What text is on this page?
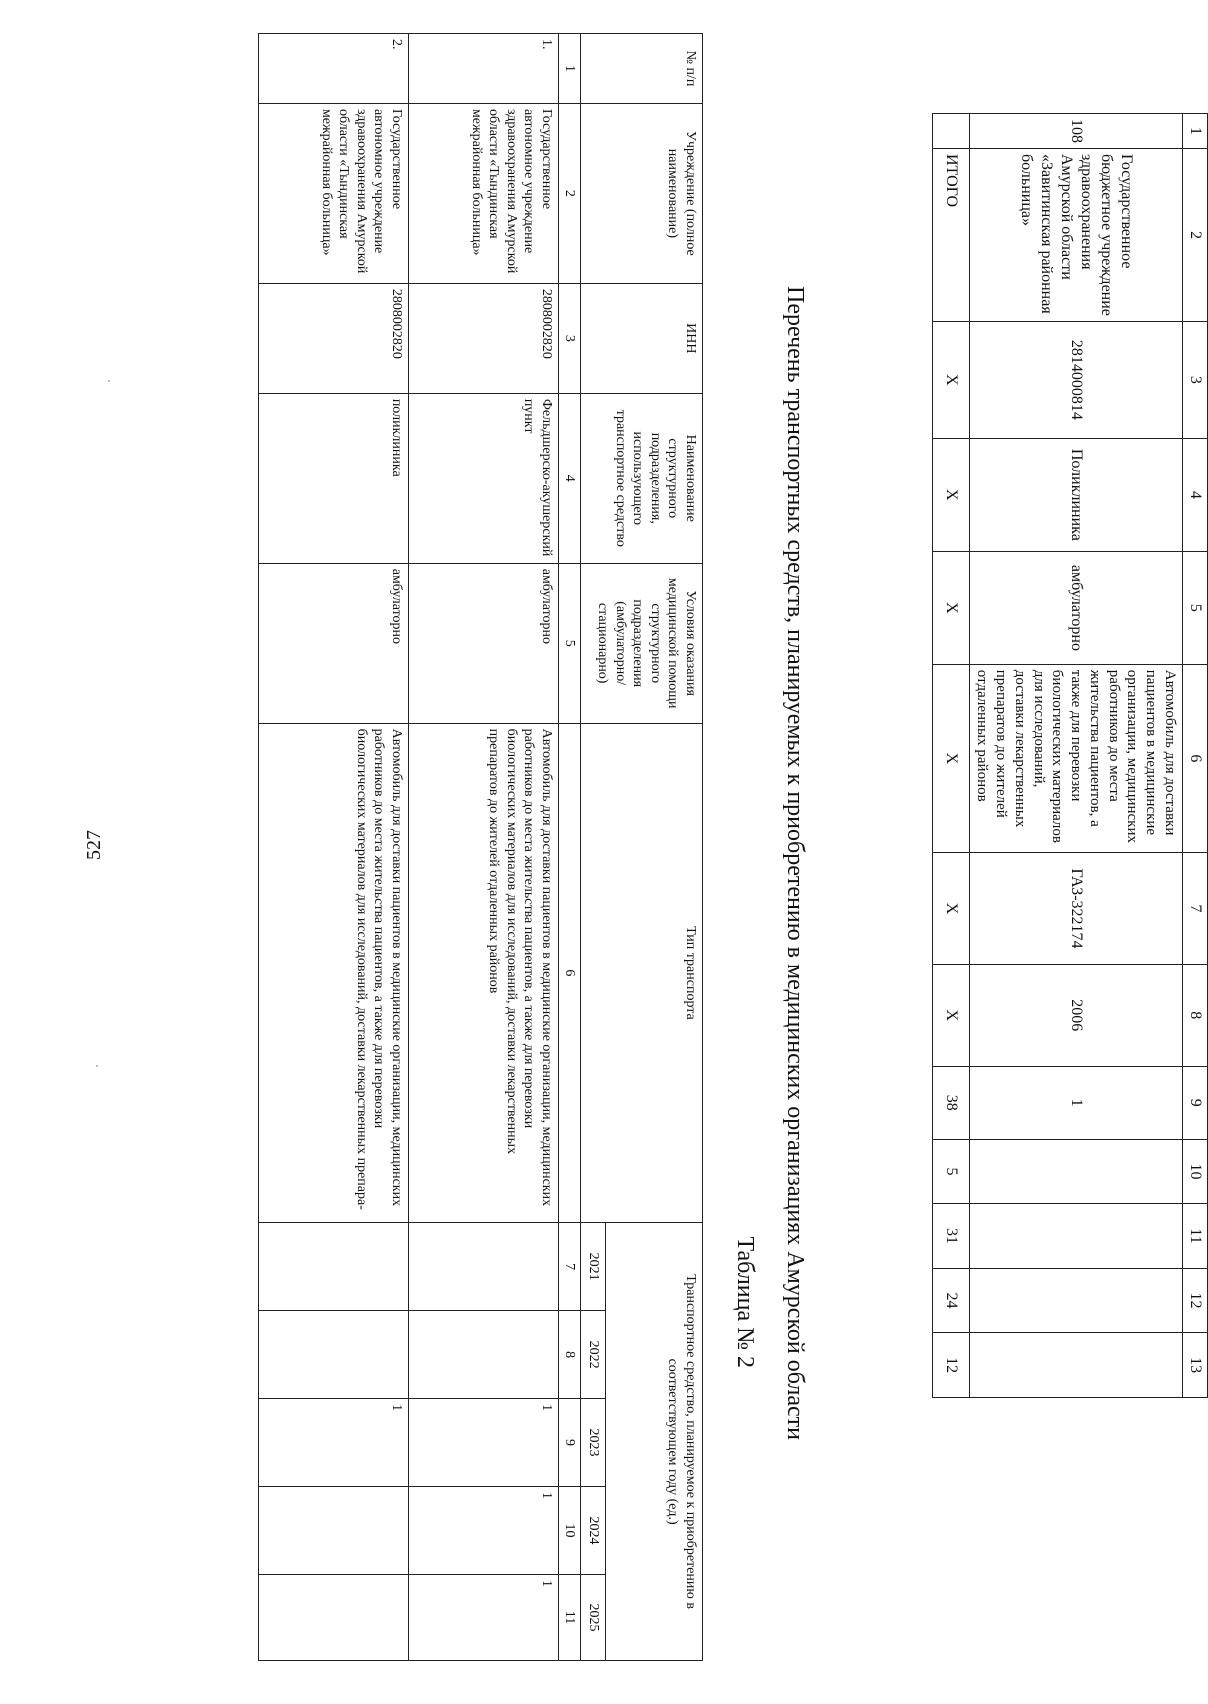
527
1	2	3	4	5	6	7	8	9	10	11	12	13
108	Государственное бюджетное учреждение здравоохранения Амурской области «Завитинская районная больница»	2814000814	Поликлиника	амбулаторно	Автомобиль для доставки пациентов в медицинские организации, медицинских работников до места жительства пациентов, а также для перевозки биологических материалов для исследований, доставки лекарственных препаратов до жителей отдаленных районов	ГАЗ-322174	2006	1				
	ИТОГО	Х	Х	Х	Х	Х	Х	38	5	31	24	12
Перечень транспортных средств, планируемых к приобретению в медицинских организациях Амурской области
Таблица № 2
№ п/п	Учреждение (полное наименование)	ИНН	Наименование структурного подразделения, использующего транспортное средство	Условия оказания медицинской помощи структурного подразделения (амбулаторно/ стационарно)	Тип транспорта	Транспортное средство, планируемое к приобретению в соответствующем году (ед.)				
						2021	2022	2023	2024	2025
1	2	3	4	5	6	7	8	9	10	11
1.	Государственное автономное учреждение здравоохранения Амурской области «Тындинская межрайонная больница»	2808002820	Фельдшерско-акушерский пункт	амбулаторно	Автомобиль для доставки пациентов в медицинские организации, медицинских работников до места жительства пациентов, а также для перевозки биологических материалов для исследований, доставки лекарственных препаратов до жителей отдаленных районов			1	1	1
2.	Государственное автономное учреждение здравоохранения Амурской области «Тындинская межрайонная больница»	2808002820	поликлиника	амбулаторно	Автомобиль для доставки пациентов в медицинские организации, медицинских работников до места жительства пациентов, а также для перевозки биологических материалов для исследований, доставки лекарственных препара-			1		
